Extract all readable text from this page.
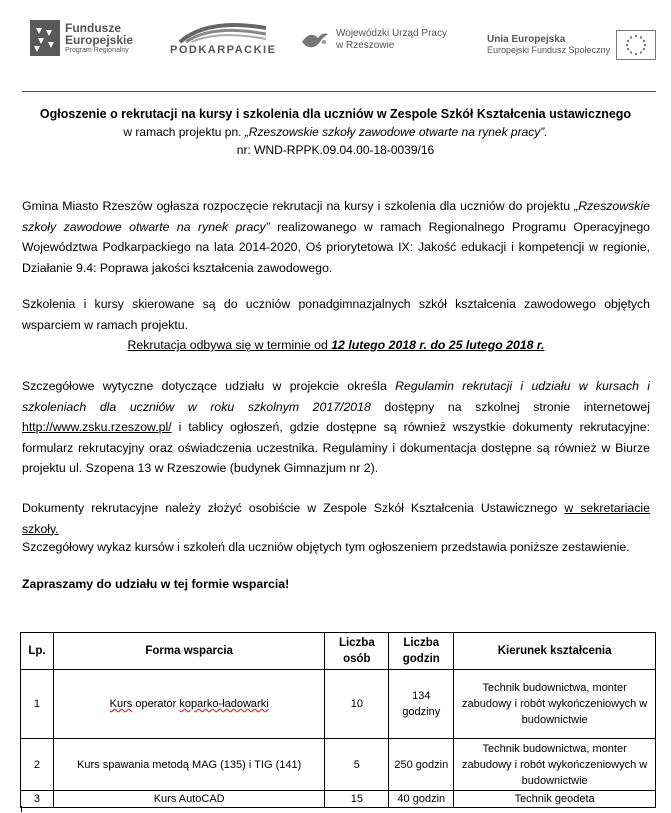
Fundusze
Europejskie
Program Regionalny	PODKARPACKIE
Wojewódzki Urząd Pracy
w Rzeszowie
Unia Europejska
Europejski Fundusz Społeczny
Ogłoszenie o rekrutacji na kursy i szkolenia dla uczniów w Zespole Szkół Kształcenia ustawicznego
w ramach projektu pn. „Rzeszowskie szkoły zawodowe otwarte na rynek pracy”.
nr: WND-RPPK.09.04.00-18-0039/16
Gmina Miasto Rzeszów ogłasza rozpoczęcie rekrutacji na kursy i szkolenia dla uczniów do projektu „Rzeszowskie szkoły zawodowe otwarte na rynek pracy” realizowanego w ramach Regionalnego Programu Operacyjnego Województwa Podkarpackiego na lata 2014-2020, Oś priorytetowa IX: Jakość edukacji i kompetencji w regionie, Działanie 9.4: Poprawa jakości kształcenia zawodowego.
Szkolenia i kursy skierowane są do uczniów ponadgimnazjalnych szkół kształcenia zawodowego objętych wsparciem w ramach projektu.
Rekrutacja odbywa się w terminie od 12 lutego 2018 r. do 25 lutego 2018 r.
Szczegółowe wytyczne dotyczące udziału w projekcie określa Regulamin rekrutacji i udziału w kursach i szkoleniach dla uczniów w roku szkolnym 2017/2018 dostępny na szkolnej stronie internetowej http://www.zsku.rzeszow.pl/ i tablicy ogłoszeń, gdzie dostępne są również wszystkie dokumenty rekrutacyjne: formularz rekrutacyjny oraz oświadczenia uczestnika. Regulaminy i dokumentacja dostępne są również w Biurze projektu ul. Szopena 13 w Rzeszowie (budynek Gimnazjum nr 2).
Dokumenty rekrutacyjne należy złożyć osobiście w Zespole Szkół Kształcenia Ustawicznego w sekretariacie szkoły.
Szczegółowy wykaz kursów i szkoleń dla uczniów objętych tym ogłoszeniem przedstawia poniższe zestawienie.
Zapraszamy do udziału w tej formie wsparcia!
Lp.	Forma wsparcia	Liczba osób	Liczba godzin	Kierunek kształcenia
1	Kurs operator koparko-ładowarki	10	134 godziny	Technik budownictwa, monter zabudowy i robót wykończeniowych w budownictwie
2	Kurs spawania metodą MAG (135) i TIG (141)	5	250 godzin	Technik budownictwa, monter zabudowy i robót wykończeniowych w budownictwie
3	Kurs AutoCAD	15	40 godzin	Technik geodeta
